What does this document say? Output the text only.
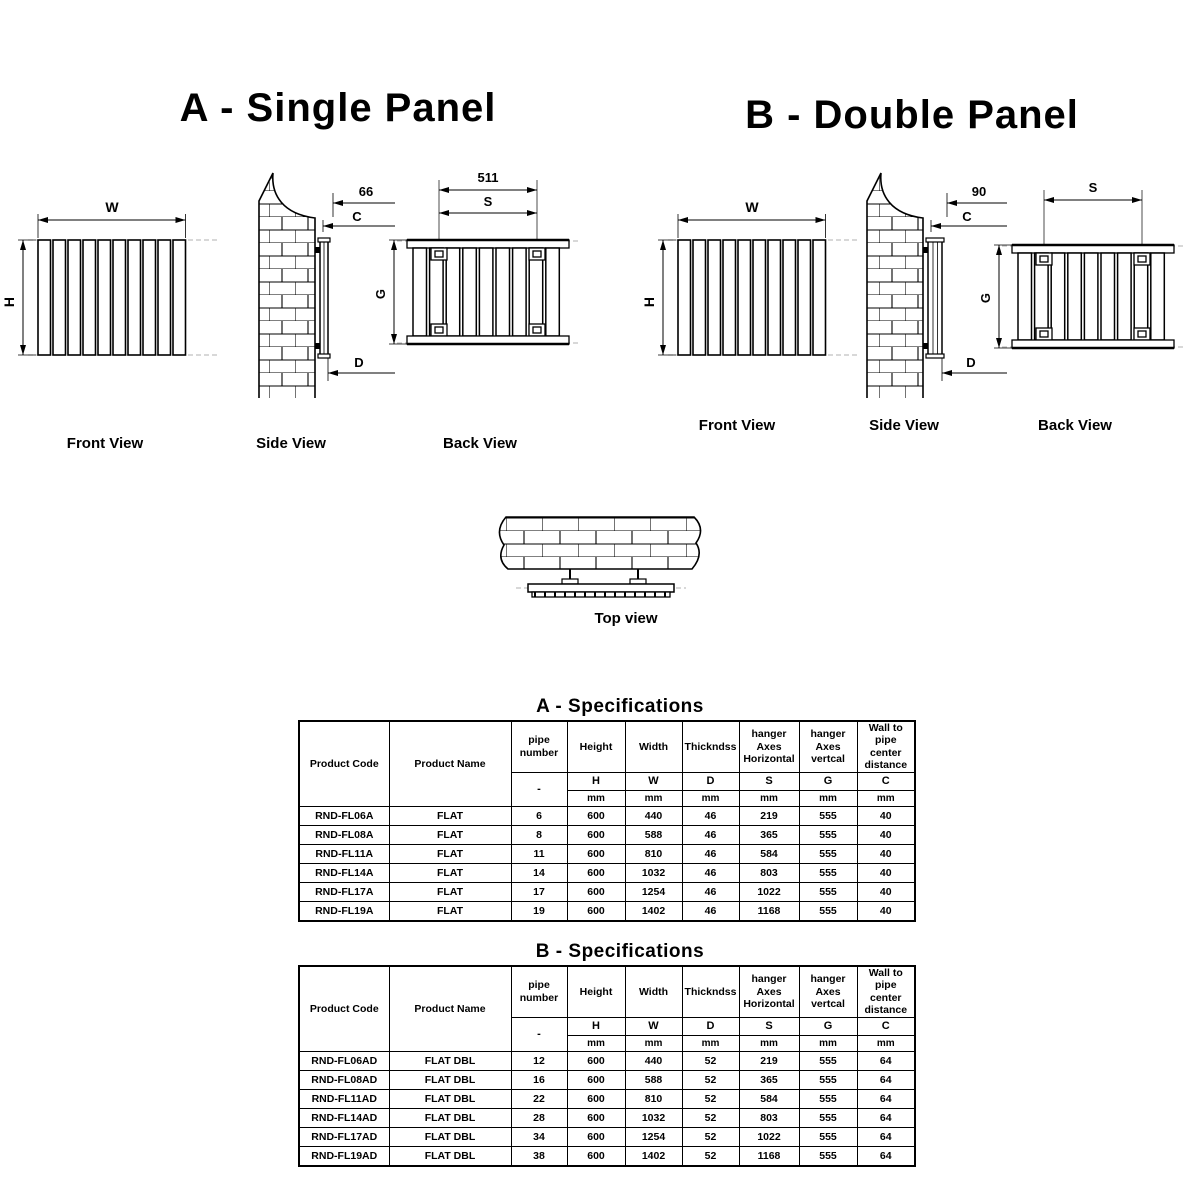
A - Single Panel	B - Double Panel
W
H
66
C
D
511
S
G
Front View	Side View	Back View
W
H
90
C
D
S
G
Front View	Side View	Back View
Top view
A - Specifications
Product Code	Product Name	pipe number	Height	Width	Thickndss	hanger Axes Horizontal	hanger Axes vertcal	Wall to pipe center distance
		-	H	W	D	S	G	C
			mm	mm	mm	mm	mm	mm
RND-FL06A	FLAT	6	600	440	46	219	555	40
RND-FL08A	FLAT	8	600	588	46	365	555	40
RND-FL11A	FLAT	11	600	810	46	584	555	40
RND-FL14A	FLAT	14	600	1032	46	803	555	40
RND-FL17A	FLAT	17	600	1254	46	1022	555	40
RND-FL19A	FLAT	19	600	1402	46	1168	555	40
B - Specifications
Product Code	Product Name	pipe number	Height	Width	Thickndss	hanger Axes Horizontal	hanger Axes vertcal	Wall to pipe center distance
		-	H	W	D	S	G	C
			mm	mm	mm	mm	mm	mm
RND-FL06AD	FLAT DBL	12	600	440	52	219	555	64
RND-FL08AD	FLAT DBL	16	600	588	52	365	555	64
RND-FL11AD	FLAT DBL	22	600	810	52	584	555	64
RND-FL14AD	FLAT DBL	28	600	1032	52	803	555	64
RND-FL17AD	FLAT DBL	34	600	1254	52	1022	555	64
RND-FL19AD	FLAT DBL	38	600	1402	52	1168	555	64
